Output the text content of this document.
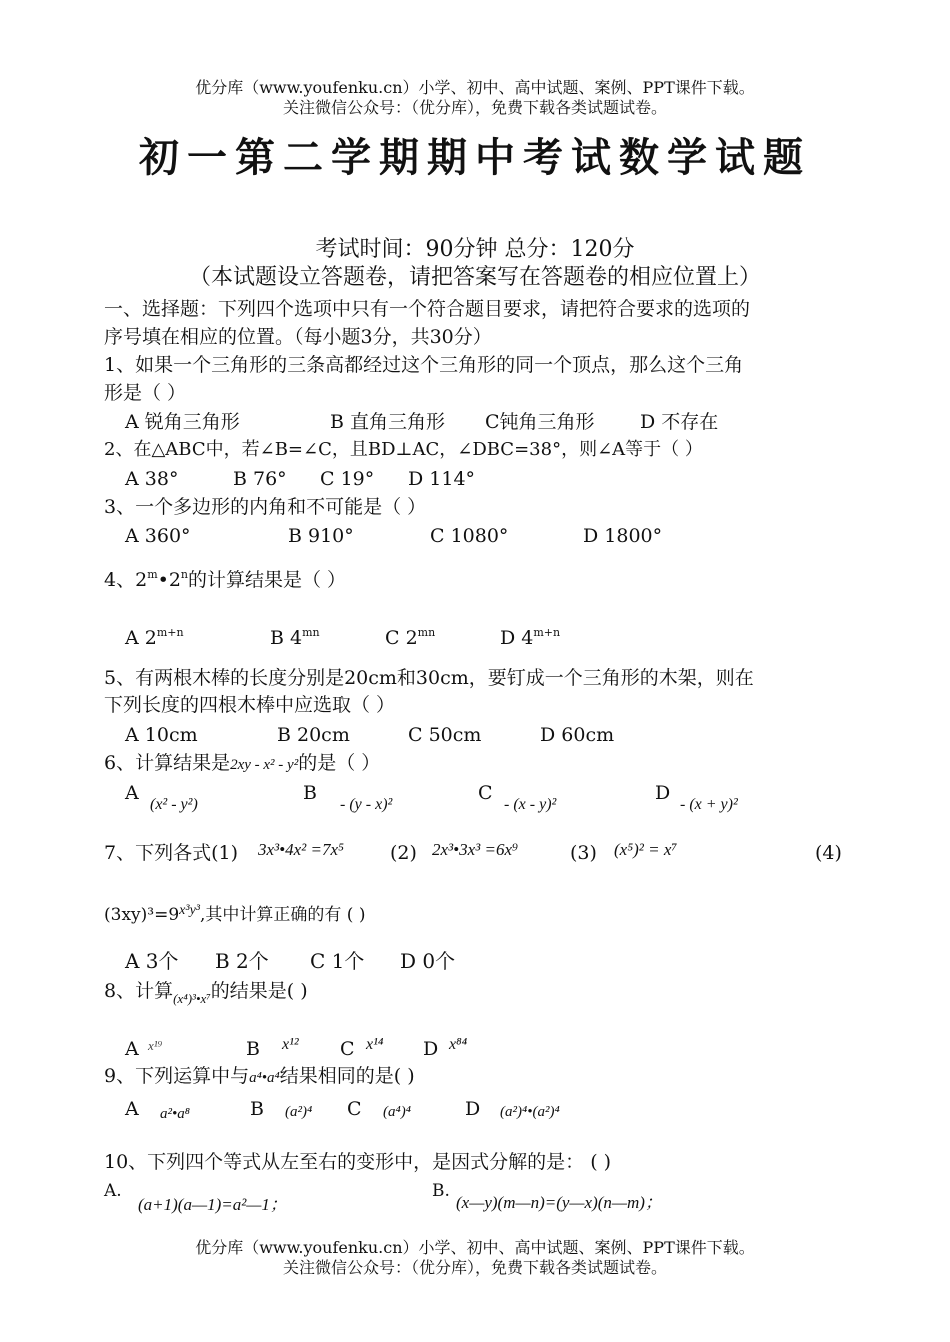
优分库（www.youfenku.cn）小学、初中、高中试题、案例、PPT课件下载。
关注微信公众号：（优分库），免费下载各类试题试卷。
初一第二学期期中考试数学试题
考试时间：90分钟 总分：120分
（本试题设立答题卷，请把答案写在答题卷的相应位置上）
一、选择题：下列四个选项中只有一个符合题目要求，请把符合要求的选项的
序号填在相应的位置。（每小题3分，共30分）
1、如果一个三角形的三条高都经过这个三角形的同一个顶点，那么这个三角
形是（ ）
A 锐角三角形	B 直角三角形 C钝角三角形 D 不存在
2、在△ABC中，若∠B=∠C，且BD⊥AC，∠DBC=38°，则∠A等于（ ）
A 38°	B 76° C 19° D 114°
3、一个多边形的内角和不可能是（ ）
A 360°	B 910°	C 1080°	D 1800°
4、2$^m$•2$^n$的计算结果是（ ）
A $2^{m+n}$	B $4^{mn}$	C $2^{mn}$	D $4^{m+n}$
5、有两根木棒的长度分别是20cm和30cm，要钉成一个三角形的木架，则在
下列长度的四根木棒中应选取（ ）
A 10cm	B 20cm	C 50cm	D 60cm
6、计算结果是2xy - x² - y²的是（ ）
A
(x² - y²)
B
- (y - x)²
C
- (x - y)²
D
- (x + y)²
7、下列各式(1) 3x³•4x² =7x⁵ (2) 2x³•3x³ =6x⁹	(3) (x⁵)² = x⁷	(4)
$(3xy)^3=9^{x^3y^3}$,其中计算正确的有 ( )
A 3个 B 2个 C 1个 D 0个
8、计算$_{(x^4)^3•x^7}$的结果是( )
A x¹⁹	B x¹² C x¹⁴ D x⁸⁴
9、下列运算中与a⁴•a⁴结果相同的是( )
A a²•a⁸	B (a²)⁴ C (a⁴)⁴	D (a²)⁴•(a²)⁴
10、下列四个等式从左至右的变形中，是因式分解的是： ( )
A.
(a+1)(a—1)=a²—1；
B.
(x—y)(m—n)=(y—x)(n—m)；
优分库（www.youfenku.cn）小学、初中、高中试题、案例、PPT课件下载。
关注微信公众号：（优分库），免费下载各类试题试卷。
